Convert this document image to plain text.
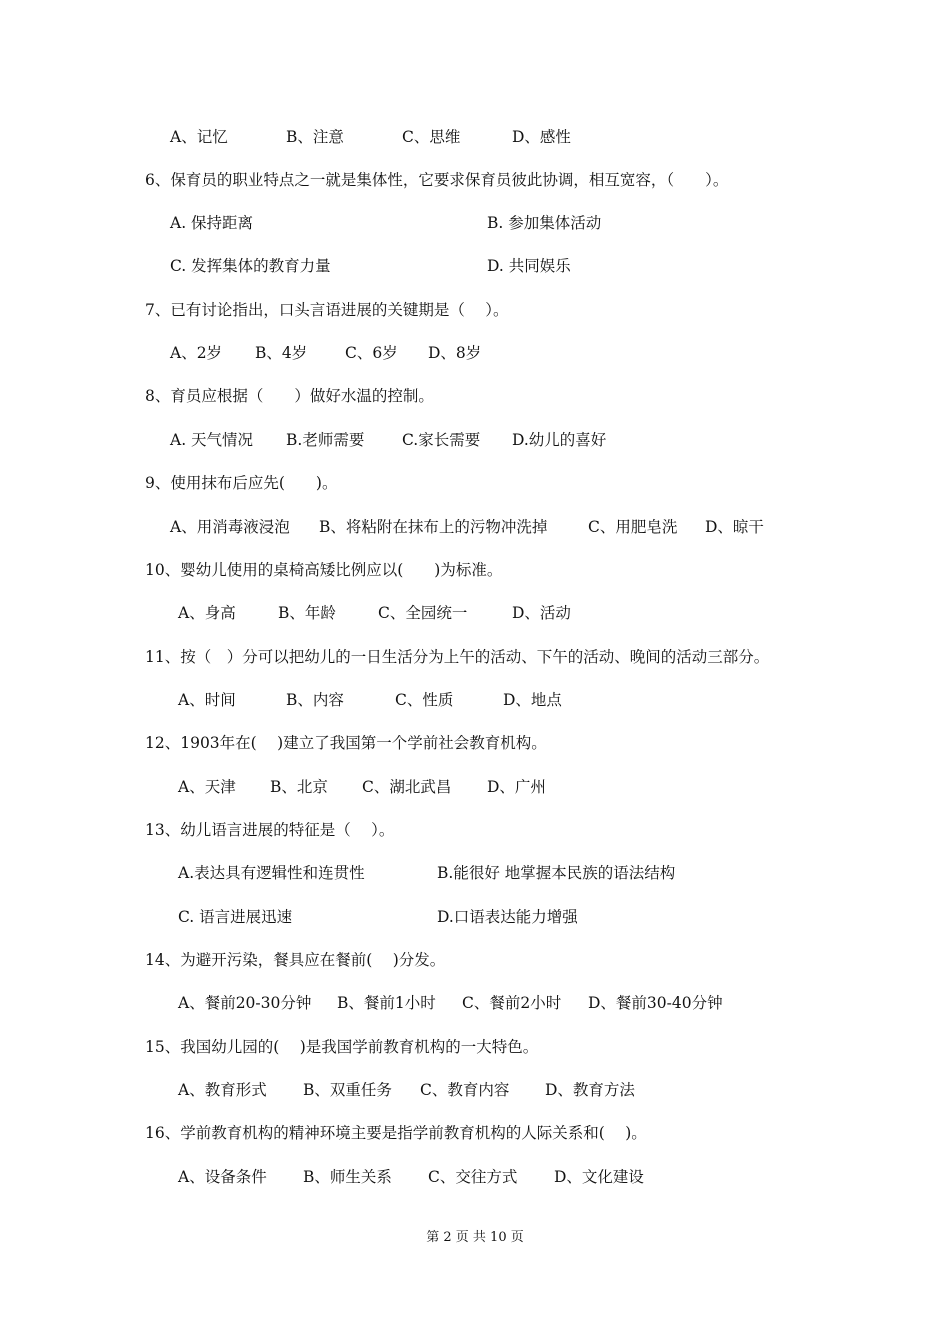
A、记忆	B、注意	C、思维	D、感性
6、保育员的职业特点之一就是集体性，它要求保育员彼此协调，相互宽容，（　　）。
A. 保持距离	B. 参加集体活动
C. 发挥集体的教育力量	D. 共同娱乐
7、已有讨论指出，口头言语进展的关键期是（　 ）。
A、2岁 B、4岁 C、6岁 D、8岁
8、育员应根据（　　）做好水温的控制。
A. 天气情况 B.老师需要 C.家长需要 D.幼儿的喜好
9、使用抹布后应先(　　)。
A、用消毒液浸泡 B、将粘附在抹布上的污物冲洗掉	C、用肥皂洗 D、晾干
10、婴幼儿使用的桌椅高矮比例应以(　　)为标准。
A、身高	B、年龄	C、全园统一	D、活动
11、按（　）分可以把幼儿的一日生活分为上午的活动、下午的活动、晚间的活动三部分。
A、时间	B、内容	C、性质	D、地点
12、1903年在(　 )建立了我国第一个学前社会教育机构。
A、天津 B、北京 C、湖北武昌 D、广州
13、幼儿语言进展的特征是（　 ）。
A.表达具有逻辑性和连贯性	B.能很好 地掌握本民族的语法结构
C. 语言进展迅速	D.口语表达能力增强
14、为避开污染，餐具应在餐前(　 )分发。
A、餐前20-30分钟 B、餐前1小时 C、餐前2小时 D、餐前30-40分钟
15、我国幼儿园的(　 )是我国学前教育机构的一大特色。
A、教育形式 B、双重任务 C、教育内容 D、教育方法
16、学前教育机构的精神环境主要是指学前教育机构的人际关系和(　 )。
A、设备条件 B、师生关系 C、交往方式 D、文化建设
第 2 页 共 10 页
